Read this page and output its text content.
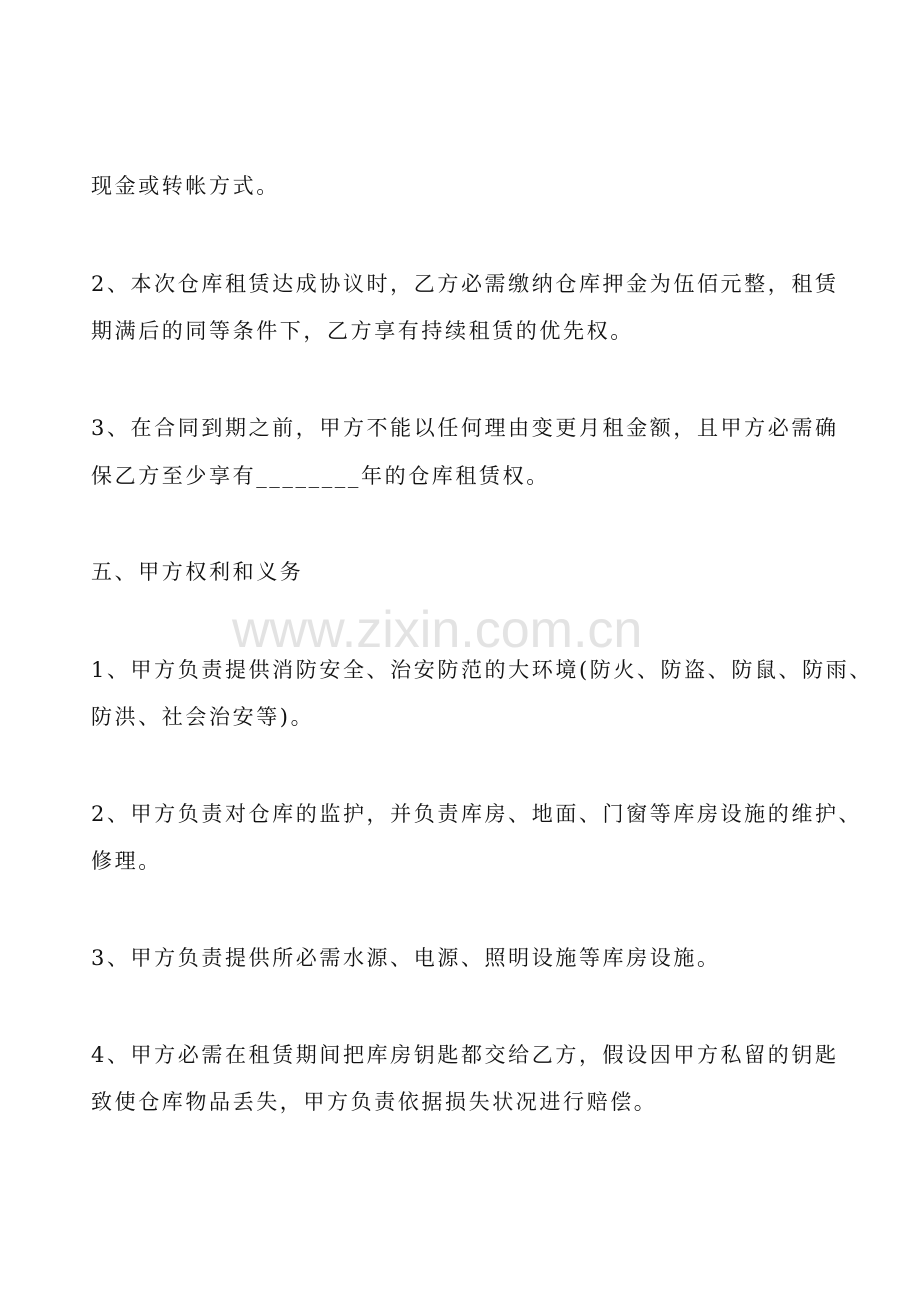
www.zixin.com.cn
现金或转帐方式。
2、本次仓库租赁达成协议时，乙方必需缴纳仓库押金为伍佰元整，租赁
期满后的同等条件下，乙方享有持续租赁的优先权。
3、在合同到期之前，甲方不能以任何理由变更月租金额，且甲方必需确
保乙方至少享有________年的仓库租赁权。
五、甲方权利和义务
1、甲方负责提供消防安全、治安防范的大环境(防火、防盗、防鼠、防雨、
防洪、社会治安等)。
2、甲方负责对仓库的监护，并负责库房、地面、门窗等库房设施的维护、
修理。
3、甲方负责提供所必需水源、电源、照明设施等库房设施。
4、甲方必需在租赁期间把库房钥匙都交给乙方，假设因甲方私留的钥匙
致使仓库物品丢失，甲方负责依据损失状况进行赔偿。
